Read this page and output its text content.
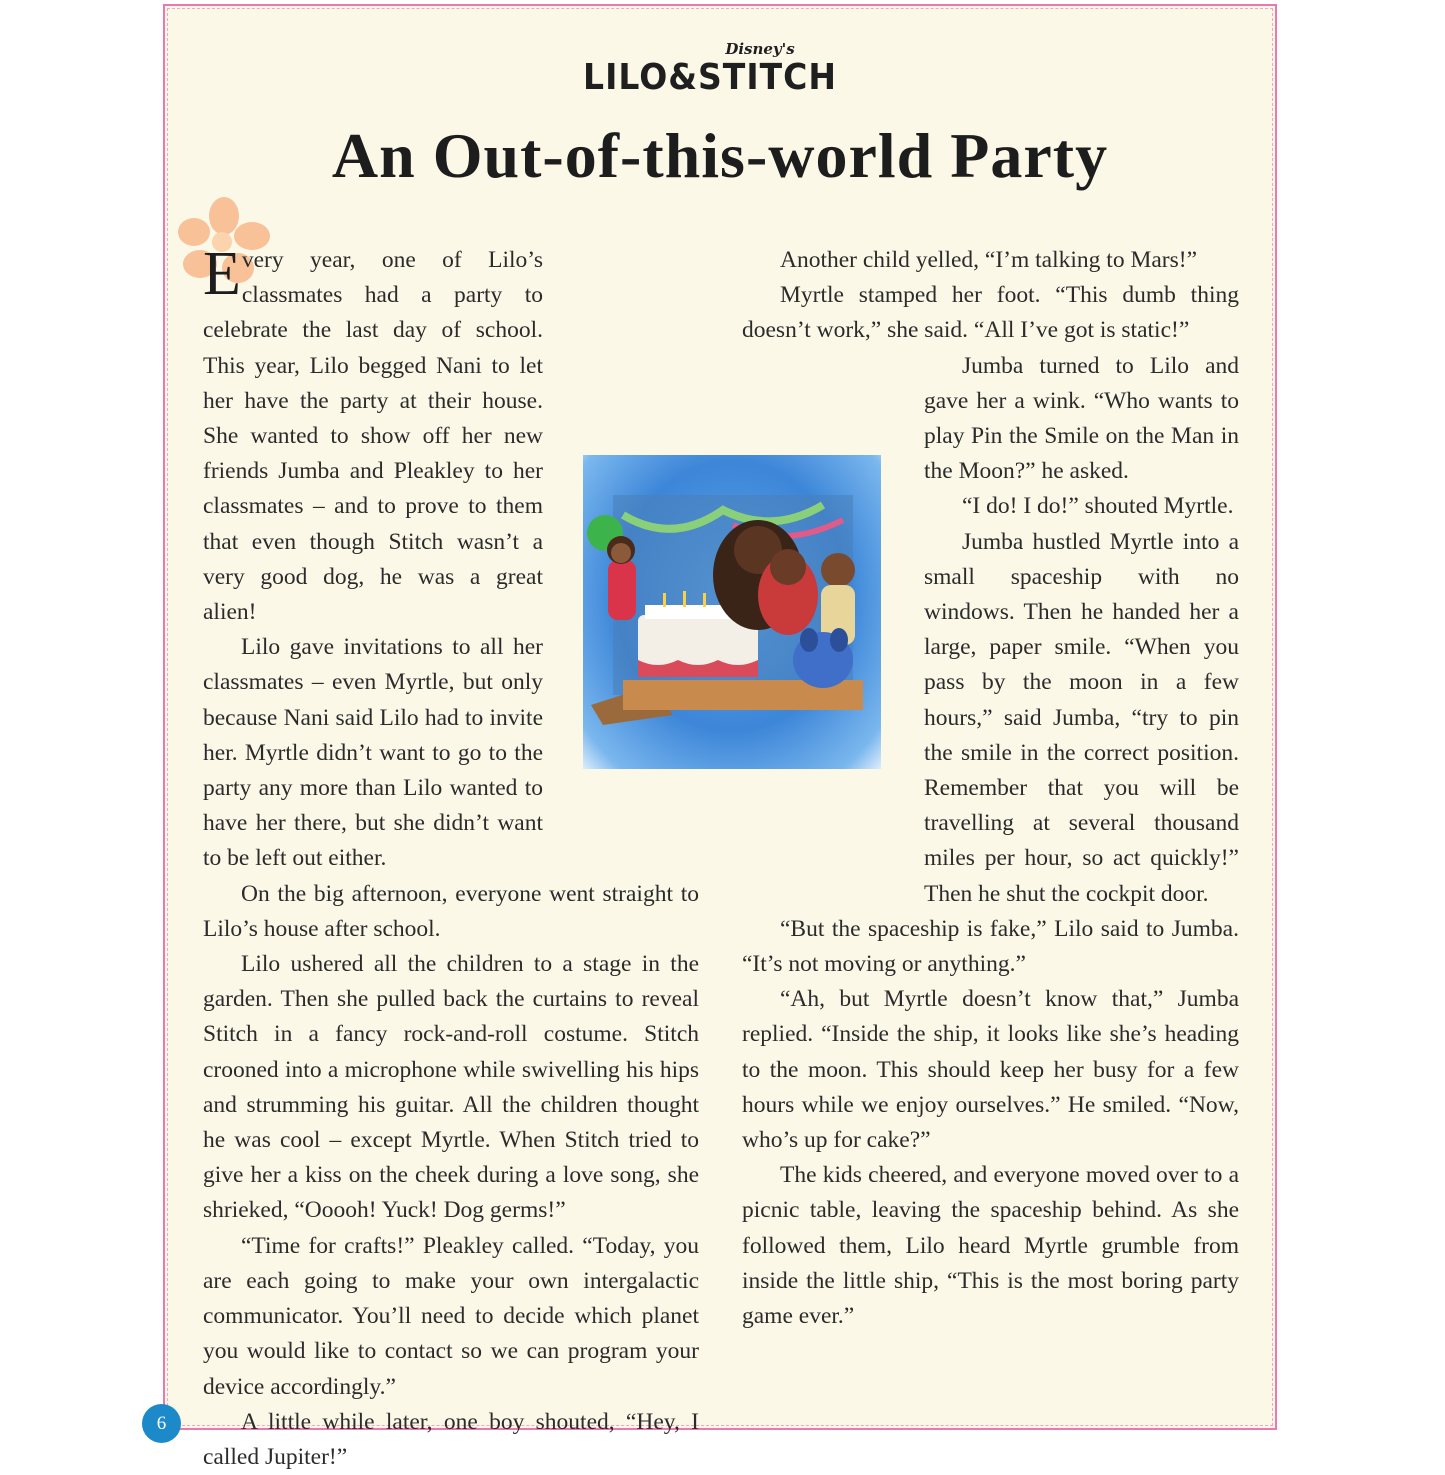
Disney's
LILO&STITCH
An Out-of-this-world Party

Every year, one of Lilo’s classmates had a party to celebrate the last day of school. This year, Lilo begged Nani to let her have the party at their house. She wanted to show off her new friends Jumba and Pleakley to her classmates – and to prove to them that even though Stitch wasn’t a very good dog, he was a great alien!

Lilo gave invitations to all her classmates – even Myrtle, but only because Nani said Lilo had to invite her. Myrtle didn’t want to go to the party any more than Lilo wanted to have her there, but she didn’t want to be left out either.

On the big afternoon, everyone went straight to Lilo’s house after school.

Lilo ushered all the children to a stage in the garden. Then she pulled back the curtains to reveal Stitch in a fancy rock-and-roll costume. Stitch crooned into a microphone while swivelling his hips and strumming his guitar. All the children thought he was cool – except Myrtle. When Stitch tried to give her a kiss on the cheek during a love song, she shrieked, “Ooooh! Yuck! Dog germs!”

“Time for crafts!” Pleakley called. “Today, you are each going to make your own intergalactic communicator. You’ll need to decide which planet you would like to contact so we can program your device accordingly.”

A little while later, one boy shouted, “Hey, I called Jupiter!”

Another child yelled, “I’m talking to Mars!”

Myrtle stamped her foot. “This dumb thing doesn’t work,” she said. “All I’ve got is static!”

Jumba turned to Lilo and gave her a wink. “Who wants to play Pin the Smile on the Man in the Moon?” he asked.

“I do! I do!” shouted Myrtle.

Jumba hustled Myrtle into a small spaceship with no windows. Then he handed her a large, paper smile. “When you pass by the moon in a few hours,” said Jumba, “try to pin the smile in the correct position. Remember that you will be travelling at several thousand miles per hour, so act quickly!” Then he shut the cockpit door.

“But the spaceship is fake,” Lilo said to Jumba. “It’s not moving or anything.”

“Ah, but Myrtle doesn’t know that,” Jumba replied. “Inside the ship, it looks like she’s heading to the moon. This should keep her busy for a few hours while we enjoy ourselves.” He smiled. “Now, who’s up for cake?”

The kids cheered, and everyone moved over to a picnic table, leaving the spaceship behind. As she followed them, Lilo heard Myrtle grumble from inside the little ship, “This is the most boring party game ever.”

6
